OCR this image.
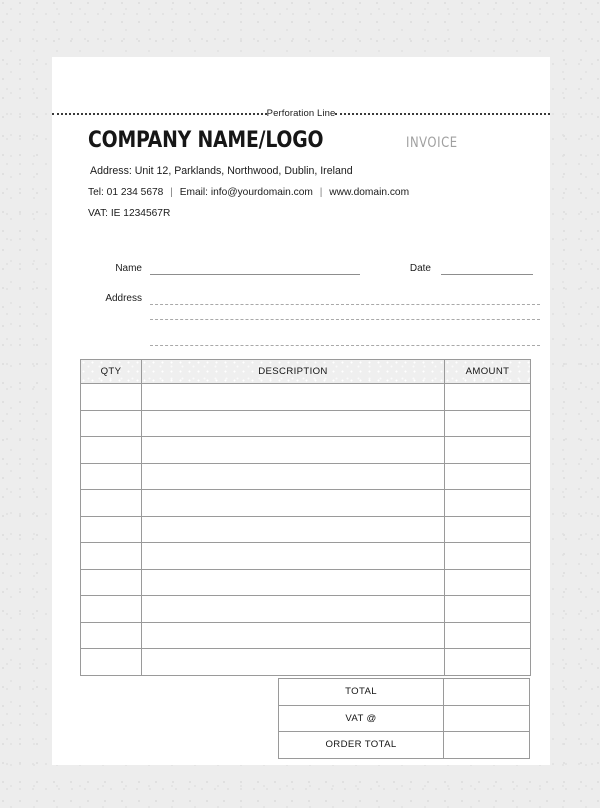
Perforation Line
COMPANY NAME/LOGO	INVOICE
Address: Unit 12, Parklands, Northwood, Dublin, Ireland
Tel: 01 234 5678 | Email: info@yourdomain.com | www.domain.com
VAT: IE 1234567R
Name	Date
Address
QTY	DESCRIPTION	AMOUNT

TOTAL	
VAT @	
ORDER TOTAL	
